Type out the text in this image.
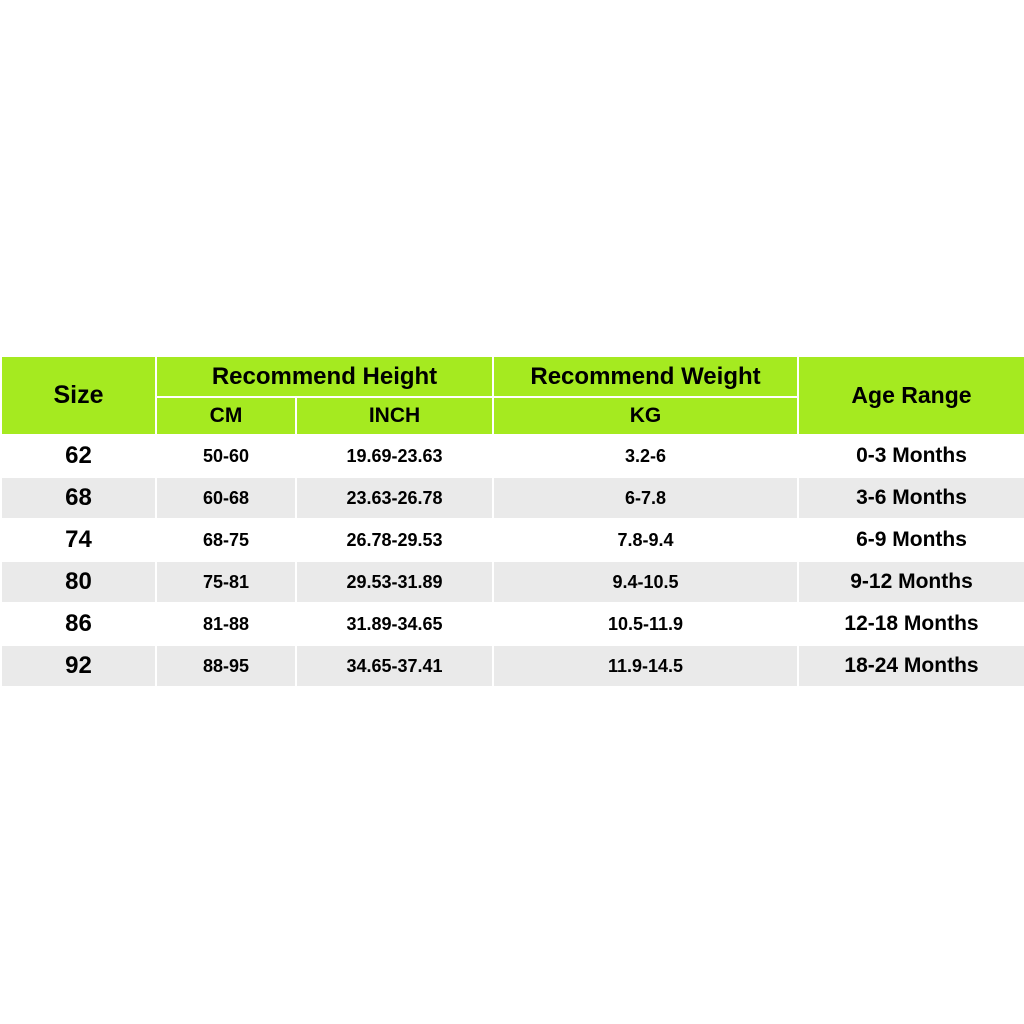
Size	Recommend Height		Recommend Weight	Age Range
	CM	INCH	KG	
62	50-60	19.69-23.63	3.2-6	0-3 Months
68	60-68	23.63-26.78	6-7.8	3-6 Months
74	68-75	26.78-29.53	7.8-9.4	6-9 Months
80	75-81	29.53-31.89	9.4-10.5	9-12 Months
86	81-88	31.89-34.65	10.5-11.9	12-18 Months
92	88-95	34.65-37.41	11.9-14.5	18-24 Months
